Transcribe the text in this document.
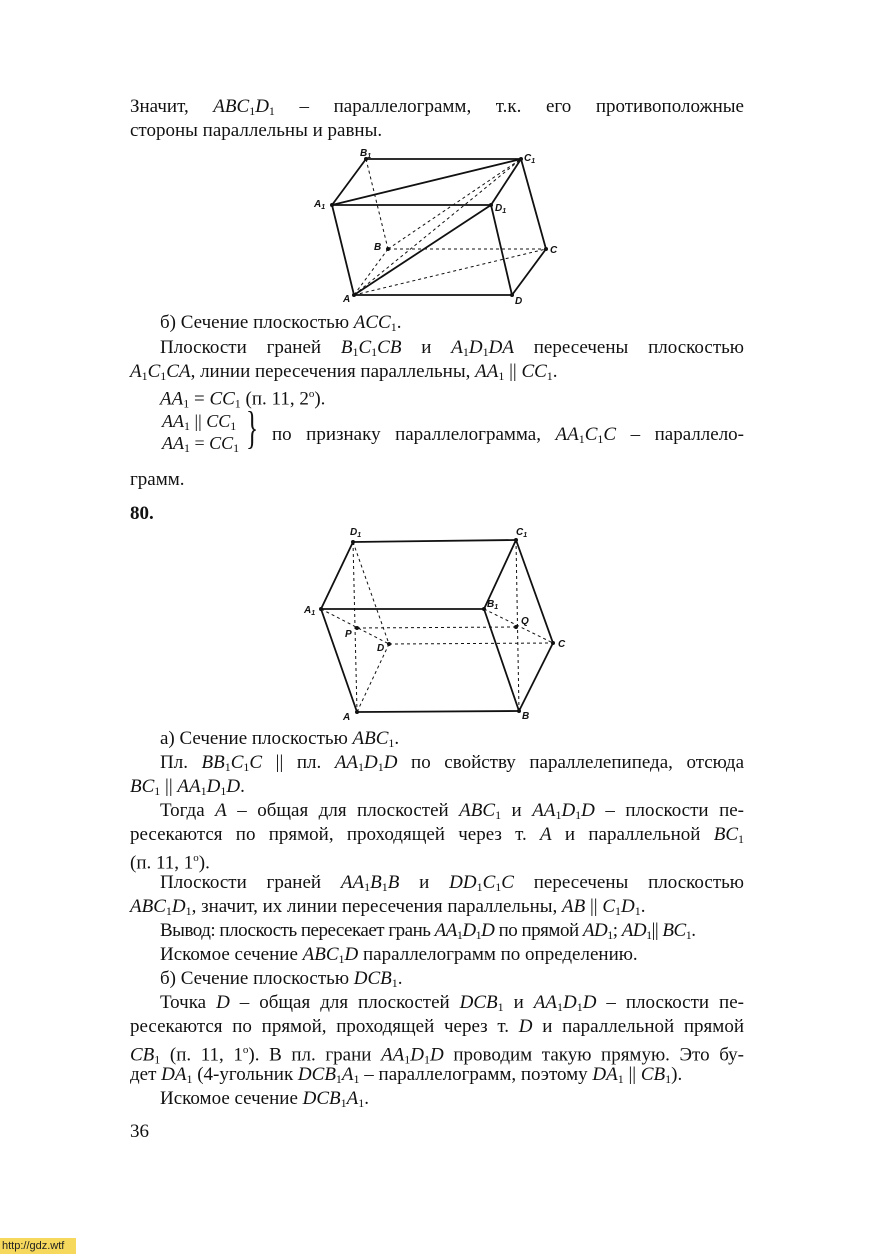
Значит, $ABC_1D_1$ – параллелограмм, т.к. его противоположные
стороны параллельны и равны.
$B_1$	$C_1$
$A_1$	$D_1$
B	C
A	D
б) Сечение плоскостью $ACC_1$.
Плоскости граней $B_1C_1CB$ и $A_1D_1DA$ пересечены плоскостью
$A_1C_1CA$, линии пересечения параллельны, $AA_1$ || $CC_1$.
$AA_1 = CC_1$ (п. 11, $2^о$).
$AA_1$ || $CC_1$
$AA_1 = CC_1$ } по признаку параллелограмма, $AA_1C_1C$ – параллело-
грамм.
80.
$D_1$	$C_1$
$A_1$
$B_1$
Q
P
D	C
A	B
а) Сечение плоскостью $ABC_1$.
Пл. $BB_1C_1C$ || пл. $AA_1D_1D$ по свойству параллелепипеда, отсюда
$BC_1$ || $AA_1D_1D$.
Тогда A – общая для плоскостей $ABC_1$ и $AA_1D_1D$ – плоскости пе-
ресекаются по прямой, проходящей через т. A и параллельной $BC_1$
(п. 11, $1^о$).
Плоскости граней $AA_1B_1B$ и $DD_1C_1C$ пересечены плоскостью
$ABC_1D_1$, значит, их линии пересечения параллельны, AB || $C_1D_1$.
Вывод: плоскость пересекает грань $AA_1D_1D$ по прямой $AD_1$; $AD_1||$ $BC_1$.
Искомое сечение $ABC_1D$ параллелограмм по определению.
б) Сечение плоскостью $DCB_1$.
Точка D – общая для плоскостей $DCB_1$ и $AA_1D_1D$ – плоскости пе-
ресекаются по прямой, проходящей через т. D и параллельной прямой
$CB_1$ (п. 11, $1^о$). В пл. грани $AA_1D_1D$ проводим такую прямую. Это бу-
дет $DA_1$ (4-угольник $DCB_1A_1$ – параллелограмм, поэтому $DA_1$ || $CB_1$).
Искомое сечение $DCB_1A_1$.
36
http://gdz.wtf
